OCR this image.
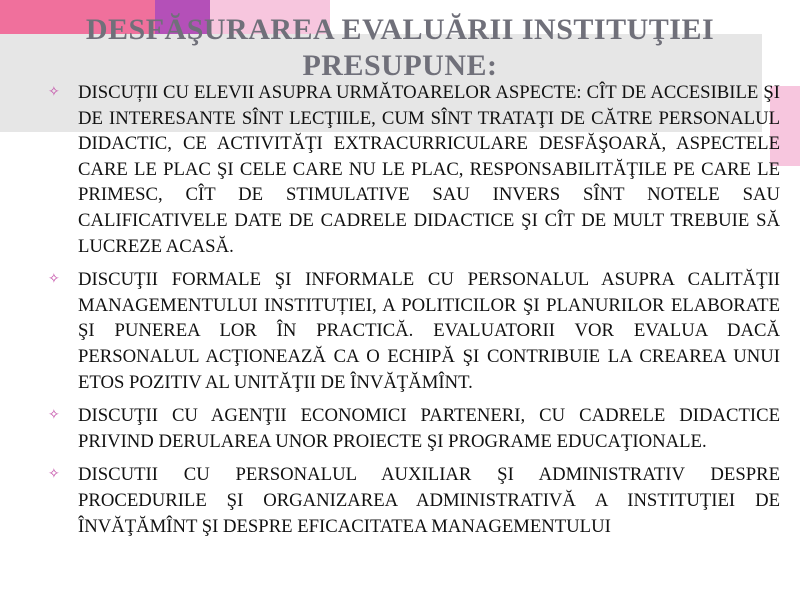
DESFĂŞURAREA EVALUĂRII INSTITUŢIEI PRESUPUNE:
✧ DISCUȚII CU ELEVII ASUPRA URMĂTOARELOR ASPECTE: CÎT DE ACCESIBILE ŞI DE INTERESANTE SÎNT LECŢIILE, CUM SÎNT TRATAŢI DE CĂTRE PERSONALUL DIDACTIC, CE ACTIVITĂŢI EXTRACURRICULARE DESFĂŞOARĂ, ASPECTELE CARE LE PLAC ŞI CELE CARE NU LE PLAC, RESPONSABILITĂŢILE PE CARE LE PRIMESC, CÎT DE STIMULATIVE SAU INVERS SÎNT NOTELE SAU CALIFICATIVELE DATE DE CADRELE DIDACTICE ŞI CÎT DE MULT TREBUIE SĂ LUCREZE ACASĂ.
✧ DISCUŢII FORMALE ŞI INFORMALE CU PERSONALUL ASUPRA CALITĂŢII MANAGEMENTULUI INSTITUȚIEI, A POLITICILOR ŞI PLANURILOR ELABORATE ŞI PUNEREA LOR ÎN PRACTICĂ. EVALUATORII VOR EVALUA DACĂ PERSONALUL ACŢIONEAZĂ CA O ECHIPĂ ŞI CONTRIBUIE LA CREAREA UNUI ETOS POZITIV AL UNITĂŢII DE ÎNVĂŢĂMÎNT.
✧ DISCUŢII CU AGENŢII ECONOMICI PARTENERI, CU CADRELE DIDACTICE PRIVIND DERULAREA UNOR PROIECTE ŞI PROGRAME EDUCAŢIONALE.
✧ DISCUTII CU PERSONALUL AUXILIAR ŞI ADMINISTRATIV DESPRE PROCEDURILE ŞI ORGANIZAREA ADMINISTRATIVĂ A INSTITUŢIEI DE ÎNVĂŢĂMÎNT ŞI DESPRE EFICACITATEA MANAGEMENTULUI
